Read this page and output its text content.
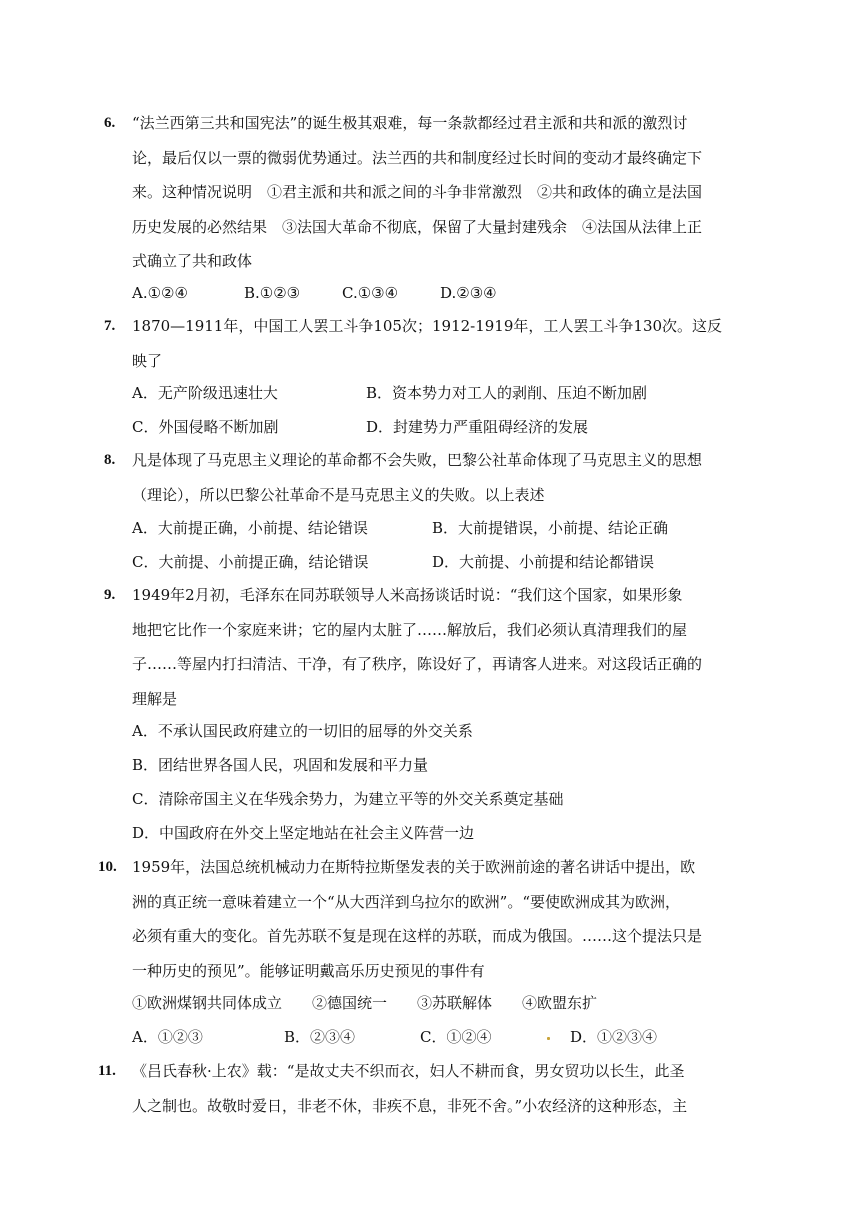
6. “法兰西第三共和国宪法”的诞生极其艰难，每一条款都经过君主派和共和派的激烈讨
论，最后仅以一票的微弱优势通过。法兰西的共和制度经过长时间的变动才最终确定下
来。这种情况说明　①君主派和共和派之间的斗争非常激烈　②共和政体的确立是法国
历史发展的必然结果　③法国大革命不彻底，保留了大量封建残余　④法国从法律上正
式确立了共和政体
A.①②④	B.①②③	C.①③④	D.②③④
7. 1870—1911年，中国工人罢工斗争105次；1912-1919年，工人罢工斗争130次。这反
映了
A．无产阶级迅速壮大	B．资本势力对工人的剥削、压迫不断加剧
C．外国侵略不断加剧	D．封建势力严重阻碍经济的发展
8. 凡是体现了马克思主义理论的革命都不会失败，巴黎公社革命体现了马克思主义的思想
（理论），所以巴黎公社革命不是马克思主义的失败。以上表述
A．大前提正确，小前提、结论错误	B．大前提错误，小前提、结论正确
C．大前提、小前提正确，结论错误	D．大前提、小前提和结论都错误
9. 1949年2月初，毛泽东在同苏联领导人米高扬谈话时说：“我们这个国家，如果形象
地把它比作一个家庭来讲；它的屋内太脏了……解放后，我们必须认真清理我们的屋
子……等屋内打扫清洁、干净，有了秩序，陈设好了，再请客人进来。对这段话正确的
理解是
A．不承认国民政府建立的一切旧的屈辱的外交关系
B．团结世界各国人民，巩固和发展和平力量
C．清除帝国主义在华残余势力，为建立平等的外交关系奠定基础
D．中国政府在外交上坚定地站在社会主义阵营一边
10. 1959年，法国总统机械动力在斯特拉斯堡发表的关于欧洲前途的著名讲话中提出，欧
洲的真正统一意味着建立一个“从大西洋到乌拉尔的欧洲”。“要使欧洲成其为欧洲，
必须有重大的变化。首先苏联不复是现在这样的苏联，而成为俄国。……这个提法只是
一种历史的预见”。能够证明戴高乐历史预见的事件有
①欧洲煤钢共同体成立　　②德国统一　　③苏联解体　　④欧盟东扩
A．①②③	B．②③④	C．①②④	D．①②③④
11. 《吕氏春秋·上农》载：“是故丈夫不织而衣，妇人不耕而食，男女贸功以长生，此圣
人之制也。故敬时爱日，非老不休，非疾不息，非死不舍。”小农经济的这种形态，主
